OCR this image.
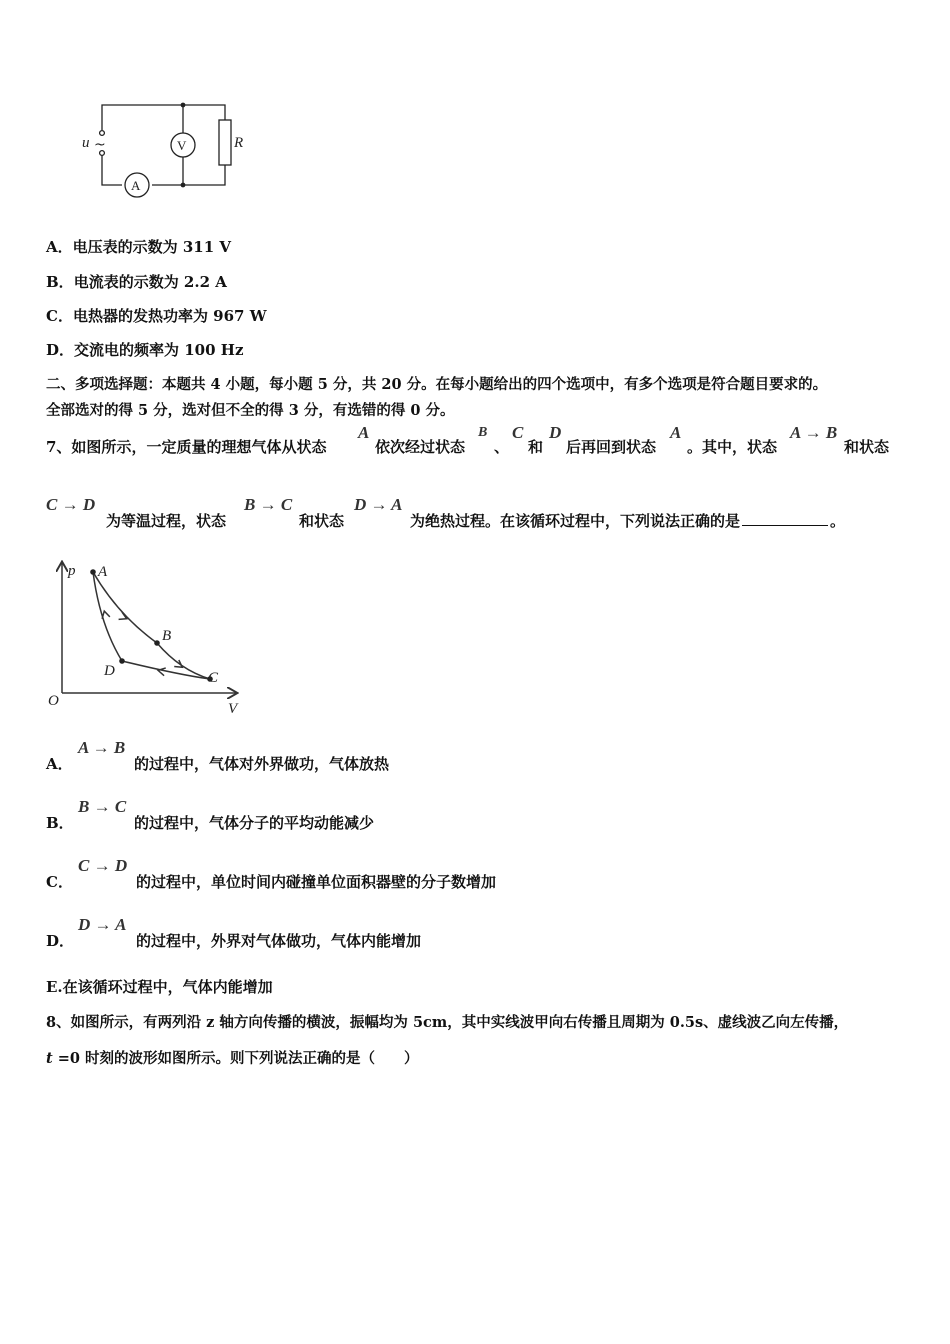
u ~	V
A
R
A．电压表的示数为 311 V
B．电流表的示数为 2.2 A
C．电热器的发热功率为 967 W
D．交流电的频率为 100 Hz
二、多项选择题：本题共 4 小题，每小题 5 分，共 20 分。在每小题给出的四个选项中，有多个选项是符合题目要求的。
全部选对的得 5 分，选对但不全的得 3 分，有选错的得 0 分。
7、如图所示，一定质量的理想气体从状态
A
依次经过状态
B
、
C
和
D
后再回到状态
A
。其中，状态
A → B
和状态
C → D
为等温过程，状态
B → C
和状态
D → A
为绝热过程。在该循环过程中，下列说法正确的是	。
p
V
O
A
B
C
D
A．
A → B
的过程中，气体对外界做功，气体放热
B．
B → C
的过程中，气体分子的平均动能减少
C．
C → D
的过程中，单位时间内碰撞单位面积器壁的分子数增加
D．
D → A
的过程中，外界对气体做功，气体内能增加
E.在该循环过程中，气体内能增加
8、如图所示，有两列沿 z 轴方向传播的横波，振幅均为 5cm，其中实线波甲向右传播且周期为 0.5s、虚线波乙向左传播，
t =0 时刻的波形如图所示。则下列说法正确的是（　　）
